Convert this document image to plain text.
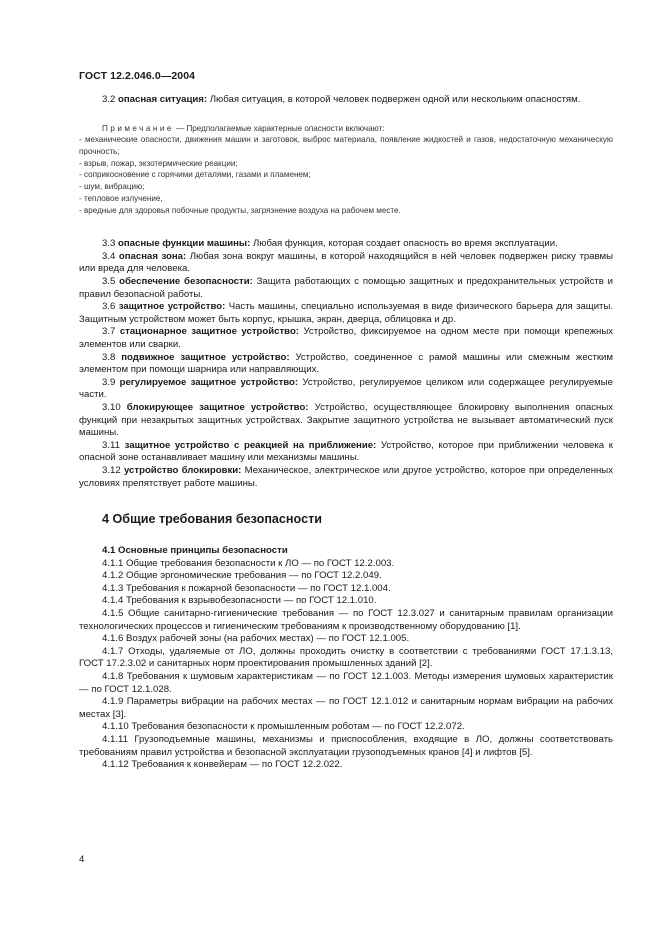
ГОСТ 12.2.046.0—2004

3.2 опасная ситуация: Любая ситуация, в которой человек подвержен одной или нескольким опасностям.

Примечание — Предполагаемые характерные опасности включают:

- механические опасности, движения машин и заготовок, выброс материала, появление жидкостей и газов, недостаточную механическую прочность;

- взрыв, пожар, экзотермические реакции;

- соприкосновение с горячими деталями, газами и пламенем;

- шум, вибрацию;

- тепловое излучение,

- вредные для здоровья побочные продукты, загрязнение воздуха на рабочем месте.

3.3 опасные функции машины: Любая функция, которая создает опасность во время эксплуатации.

3.4 опасная зона: Любая зона вокруг машины, в которой находящийся в ней человек подвержен риску травмы или вреда для человека.

3.5 обеспечение безопасности: Защита работающих с помощью защитных и предохранительных устройств и правил безопасной работы.

3.6 защитное устройство: Часть машины, специально используемая в виде физического барьера для защиты. Защитным устройством может быть корпус, крышка, экран, дверца, облицовка и др.

3.7 стационарное защитное устройство: Устройство, фиксируемое на одном месте при помощи крепежных элементов или сварки.

3.8 подвижное защитное устройство: Устройство, соединенное с рамой машины или смежным жестким элементом при помощи шарнира или направляющих.

3.9 регулируемое защитное устройство: Устройство, регулируемое целиком или содержащее регулируемые части.

3.10 блокирующее защитное устройство: Устройство, осуществляющее блокировку выполнения опасных функций при незакрытых защитных устройствах. Закрытие защитного устройства не вызывает автоматический пуск машины.

3.11 защитное устройство с реакцией на приближение: Устройство, которое при приближении человека к опасной зоне останавливает машину или механизмы машины.

3.12 устройство блокировки: Механическое, электрическое или другое устройство, которое при определенных условиях препятствует работе машины.

4 Общие требования безопасности
4.1 Основные принципы безопасности

4.1.1 Общие требования безопасности к ЛО — по ГОСТ 12.2.003.

4.1.2 Общие эргономические требования — по ГОСТ 12.2.049.

4.1.3 Требования к пожарной безопасности — по ГОСТ 12.1.004.

4.1.4 Требования к взрывобезопасности — по ГОСТ 12.1.010.

4.1.5 Общие санитарно-гигиенические требования — по ГОСТ 12.3.027 и санитарным правилам организации технологических процессов и гигиеническим требованиям к производственному оборудованию [1].

4.1.6 Воздух рабочей зоны (на рабочих местах) — по ГОСТ 12.1.005.

4.1.7 Отходы, удаляемые от ЛО, должны проходить очистку в соответствии с требованиями ГОСТ 17.1.3.13, ГОСТ 17.2.3.02 и санитарных норм проектирования промышленных зданий [2].

4.1.8 Требования к шумовым характеристикам — по ГОСТ 12.1.003. Методы измерения шумовых характеристик — по ГОСТ 12.1.028.

4.1.9 Параметры вибрации на рабочих местах — по ГОСТ 12.1.012 и санитарным нормам вибрации на рабочих местах [3].

4.1.10 Требования безопасности к промышленным роботам — по ГОСТ 12.2.072.

4.1.11 Грузоподъемные машины, механизмы и приспособления, входящие в ЛО, должны соответствовать требованиям правил устройства и безопасной эксплуатации грузоподъемных кранов [4] и лифтов [5].

4.1.12 Требования к конвейерам — по ГОСТ 12.2.022.

4
